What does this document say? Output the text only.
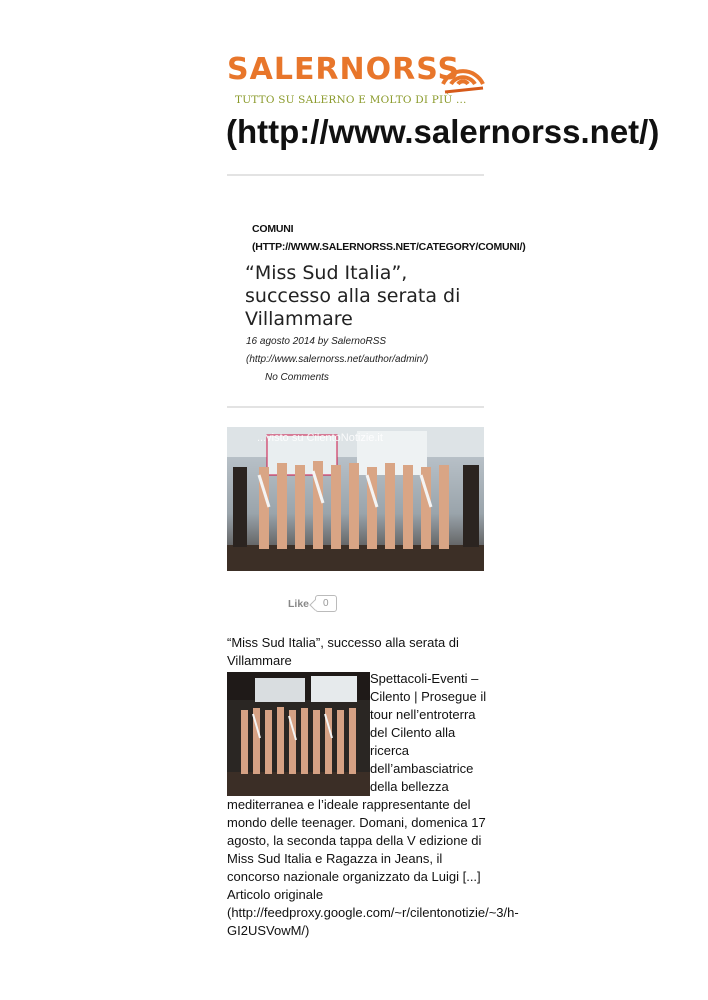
SALERNORSS
TUTTO SU SALERNO E MOLTO DI PIÙ ...
(http://www.salernorss.net/)
COMUNI
(HTTP://WWW.SALERNORSS.NET/CATEGORY/COMUNI/)
“Miss Sud Italia”, successo alla serata di Villammare
16 agosto 2014 by SalernoRSS
(http://www.salernorss.net/author/admin/)
No Comments
...visto su CilentoNotizie.it
Like	0

“Miss Sud Italia”, successo alla serata di Villammare

Spettacoli-Eventi – Cilento | Prosegue il tour nell’entroterra del Cilento alla ricerca dell’ambasciatrice della bellezza mediterranea e l’ideale rappresentante del mondo delle teenager. Domani, domenica 17 agosto, la seconda tappa della V edizione di Miss Sud Italia e Ragazza in Jeans, il concorso nazionale organizzato da Luigi [...]

Articolo originale

(http://feedproxy.google.com/~r/cilentonotizie/~3/h-GI2USVowM/)
